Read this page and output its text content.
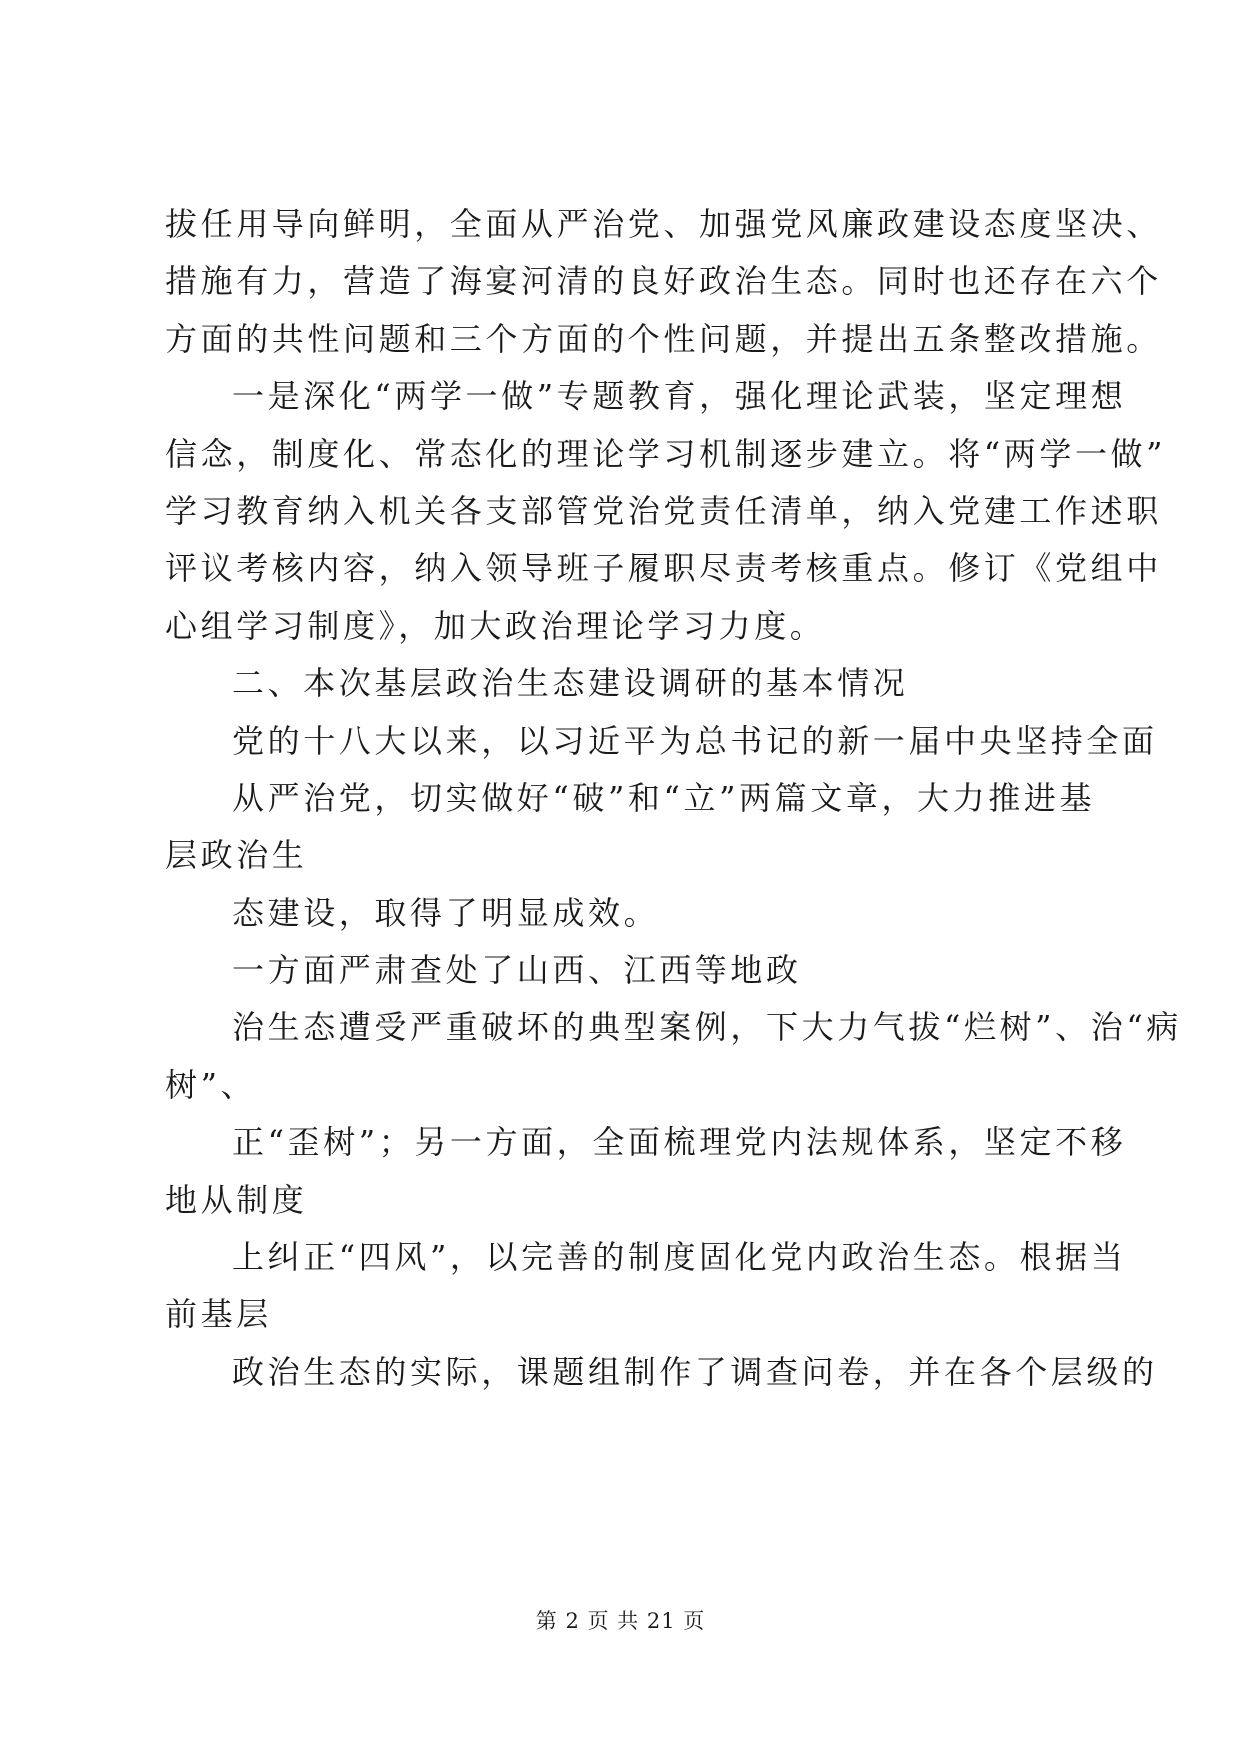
拔任用导向鲜明，全面从严治党、加强党风廉政建设态度坚决、
措施有力，营造了海宴河清的良好政治生态。同时也还存在六个
方面的共性问题和三个方面的个性问题，并提出五条整改措施。
一是深化“两学一做”专题教育，强化理论武装，坚定理想
信念，制度化、常态化的理论学习机制逐步建立。将“两学一做”
学习教育纳入机关各支部管党治党责任清单，纳入党建工作述职
评议考核内容，纳入领导班子履职尽责考核重点。修订《党组中
心组学习制度》，加大政治理论学习力度。
二、本次基层政治生态建设调研的基本情况
党的十八大以来，以习近平为总书记的新一届中央坚持全面
从严治党，切实做好“破”和“立”两篇文章，大力推进基
层政治生
态建设，取得了明显成效。
一方面严肃查处了山西、江西等地政
治生态遭受严重破坏的典型案例，下大力气拔“烂树”、治“病
树”、
正“歪树”；另一方面，全面梳理党内法规体系，坚定不移
地从制度
上纠正“四风”，以完善的制度固化党内政治生态。根据当
前基层
政治生态的实际，课题组制作了调查问卷，并在各个层级的
第 2 页 共 21 页
